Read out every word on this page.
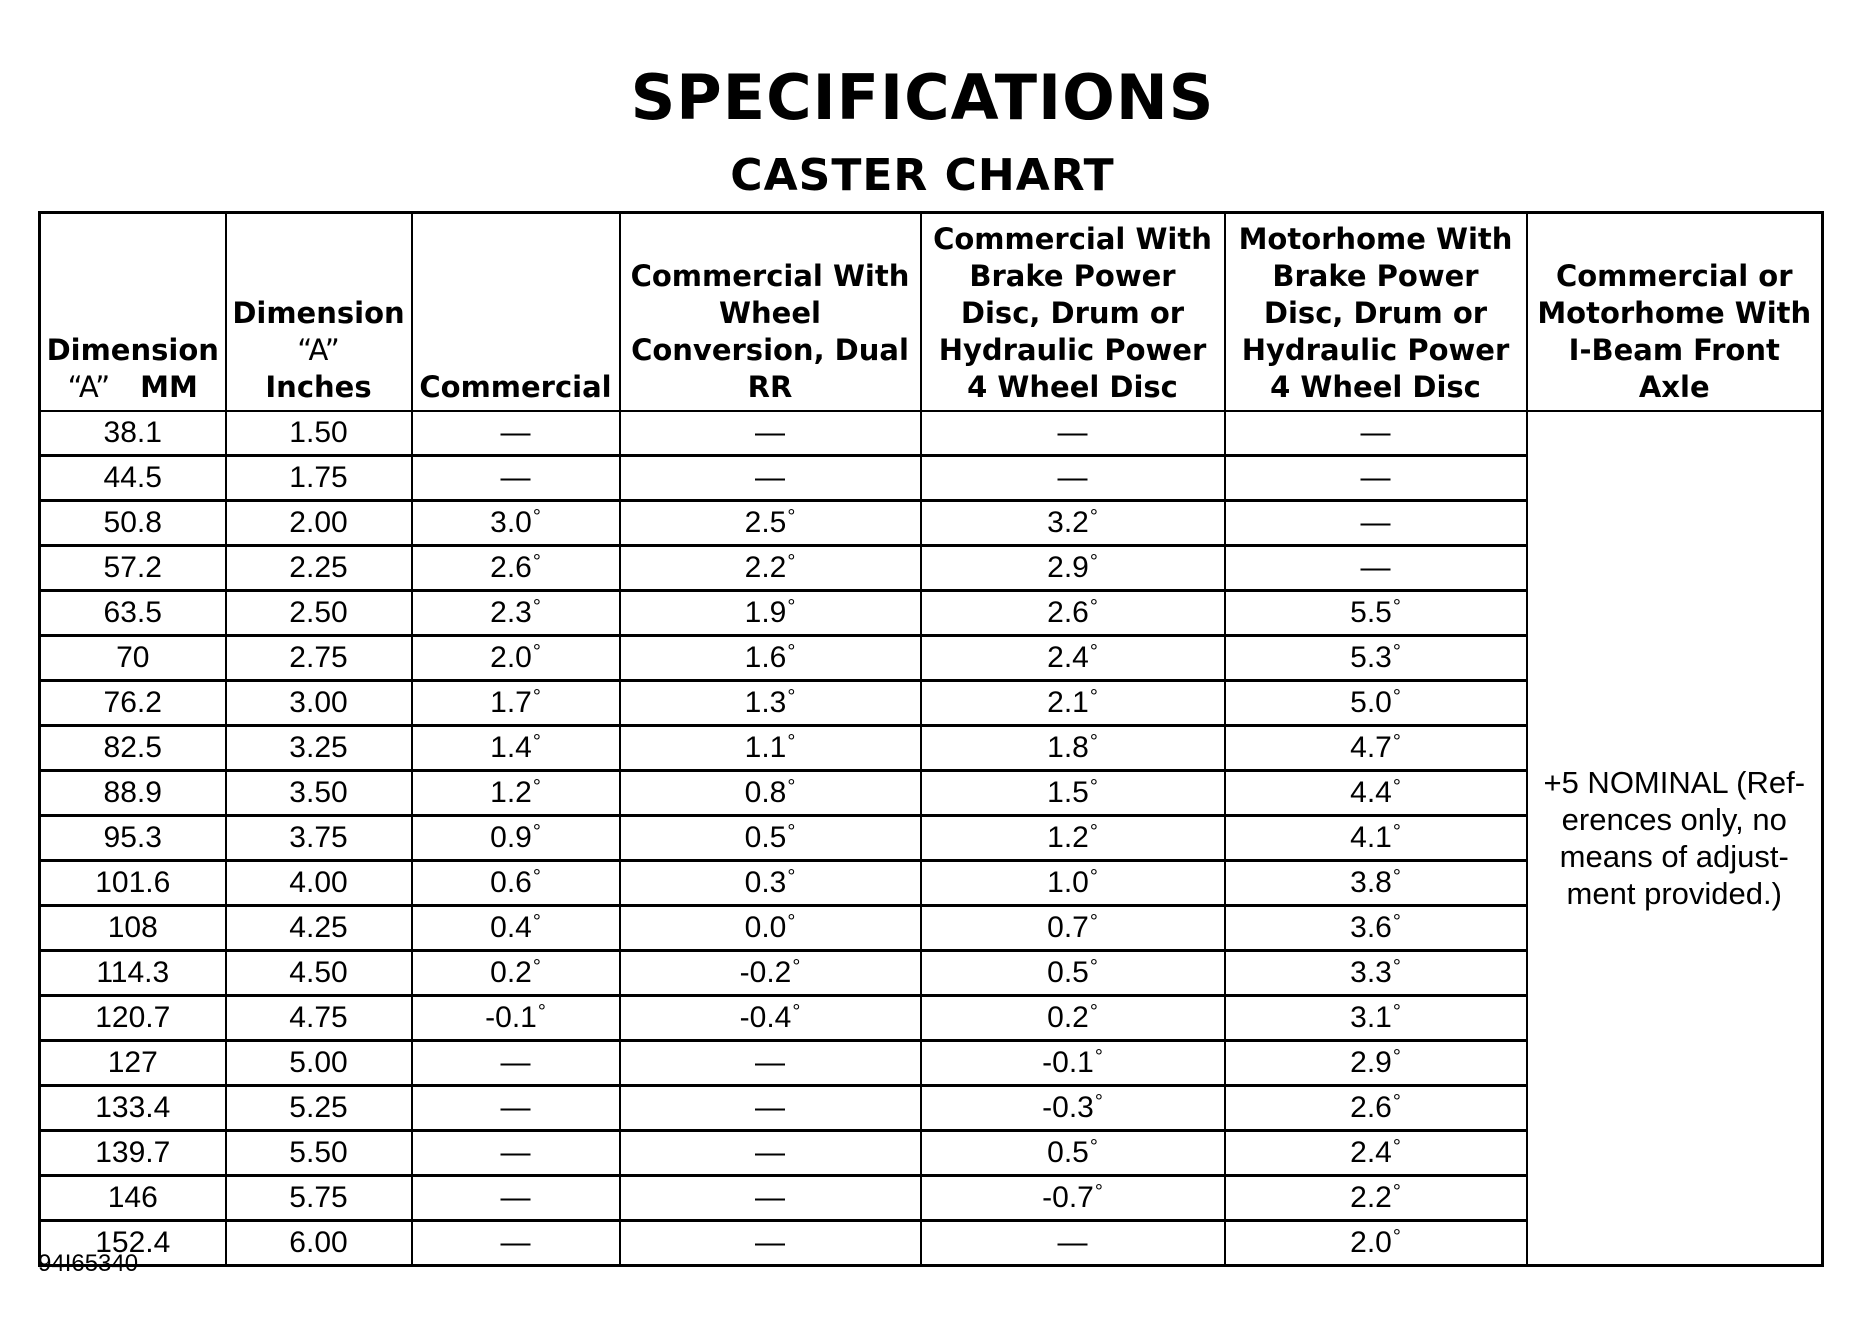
SPECIFICATIONS
CASTER CHART
Dimension
“A” MM	Dimension
“A”
Inches	Commercial	Commercial With
Wheel
Conversion, Dual
RR	Commercial With
Brake Power
Disc, Drum or
Hydraulic Power
4 Wheel Disc	Motorhome With
Brake Power
Disc, Drum or
Hydraulic Power
4 Wheel Disc	Commercial or
Motorhome With
I-Beam Front
Axle
38.1	1.50	—	—	—	—	+5 NOMINAL (Ref-
erences only, no
means of adjust-
ment provided.)
44.5	1.75	—	—	—	—	
50.8	2.00	3.0°	2.5°	3.2°	—	
57.2	2.25	2.6°	2.2°	2.9°	—	
63.5	2.50	2.3°	1.9°	2.6°	5.5°
70	2.75	2.0°	1.6°	2.4°	5.3°
76.2	3.00	1.7°	1.3°	2.1°	5.0°
82.5	3.25	1.4°	1.1°	1.8°	4.7°
88.9	3.50	1.2°	0.8°	1.5°	4.4°
95.3	3.75	0.9°	0.5°	1.2°	4.1°
101.6	4.00	0.6°	0.3°	1.0°	3.8°
108	4.25	0.4°	0.0°	0.7°	3.6°
114.3	4.50	0.2°	-0.2°	0.5°	3.3°
120.7	4.75	-0.1°	-0.4°	0.2°	3.1°
127	5.00	—	—	-0.1°	2.9°
133.4	5.25	—	—	-0.3°	2.6°
139.7	5.50	—	—	0.5°	2.4°
146	5.75	—	—	-0.7°	2.2°
152.4	6.00	—	—	—	2.0°
94I65340
